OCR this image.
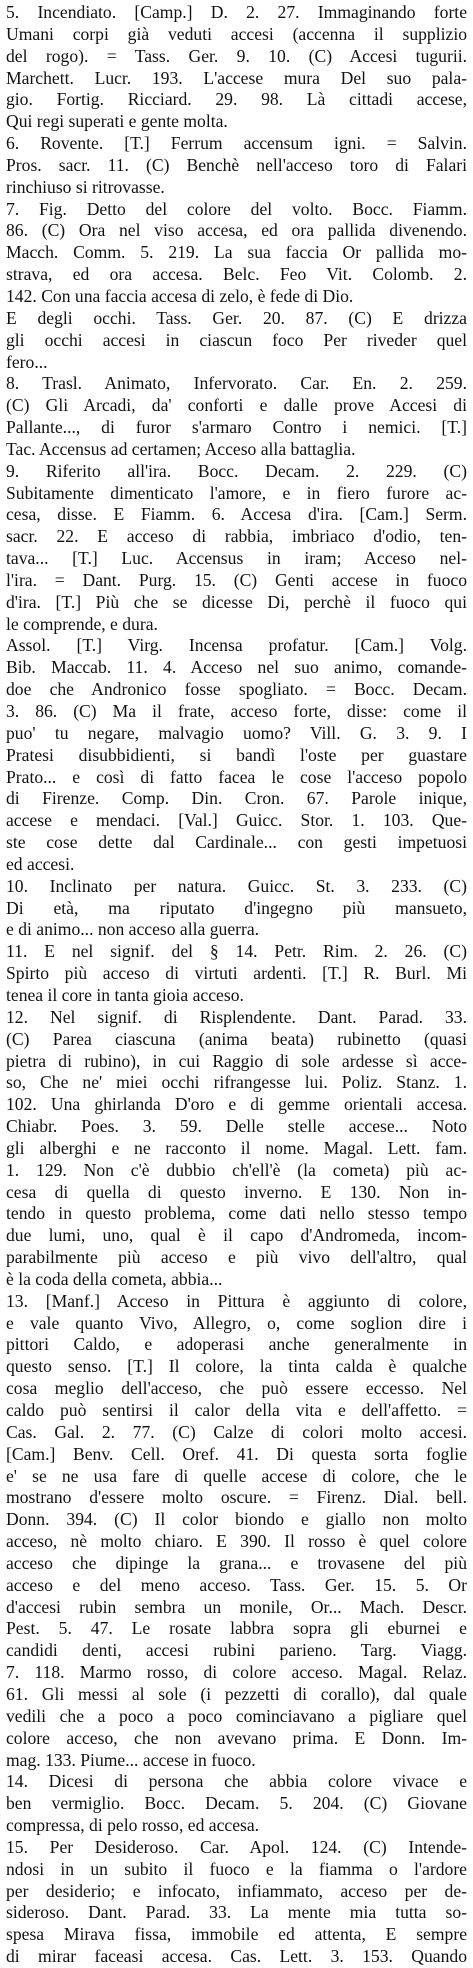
5. Incendiato. [Camp.] D. 2. 27. Immaginando forte
Umani corpi già veduti accesi (accenna il supplizio
del rogo). = Tass. Ger. 9. 10. (C) Accesi tugurii.
Marchett. Lucr. 193. L'accese mura Del suo pala-
gio. Fortig. Ricciard. 29. 98. Là cittadi accese,
Qui regi superati e gente molta.
6. Rovente. [T.] Ferrum accensum igni. = Salvin.
Pros. sacr. 11. (C) Benchè nell'acceso toro di Falari
rinchiuso si ritrovasse.
7. Fig. Detto del colore del volto. Bocc. Fiamm.
86. (C) Ora nel viso accesa, ed ora pallida divenendo.
Macch. Comm. 5. 219. La sua faccia Or pallida mo-
strava, ed ora accesa. Belc. Feo Vit. Colomb. 2.
142. Con una faccia accesa di zelo, è fede di Dio.
E degli occhi. Tass. Ger. 20. 87. (C) E drizza
gli occhi accesi in ciascun foco Per riveder quel
fero...
8. Trasl. Animato, Infervorato. Car. En. 2. 259.
(C) Gli Arcadi, da' conforti e dalle prove Accesi di
Pallante..., di furor s'armaro Contro i nemici. [T.]
Tac. Accensus ad certamen; Acceso alla battaglia.
9. Riferito all'ira. Bocc. Decam. 2. 229. (C)
Subitamente dimenticato l'amore, e in fiero furore ac-
cesa, disse. E Fiamm. 6. Accesa d'ira. [Cam.] Serm.
sacr. 22. E acceso di rabbia, imbriaco d'odio, ten-
tava... [T.] Luc. Accensus in iram; Acceso nel-
l'ira. = Dant. Purg. 15. (C) Genti accese in fuoco
d'ira. [T.] Più che se dicesse Di, perchè il fuoco qui
le comprende, e dura.
Assol. [T.] Virg. Incensa profatur. [Cam.] Volg.
Bib. Maccab. 11. 4. Acceso nel suo animo, comande-
doe che Andronico fosse spogliato. = Bocc. Decam.
3. 86. (C) Ma il frate, acceso forte, disse: come il
puo' tu negare, malvagio uomo? Vill. G. 3. 9. I
Pratesi disubbidienti, si bandì l'oste per guastare
Prato... e così di fatto facea le cose l'acceso popolo
di Firenze. Comp. Din. Cron. 67. Parole inique,
accese e mendaci. [Val.] Guicc. Stor. 1. 103. Que-
ste cose dette dal Cardinale... con gesti impetuosi
ed accesi.
10. Inclinato per natura. Guicc. St. 3. 233. (C)
Di età, ma riputato d'ingegno più mansueto,
e di animo... non acceso alla guerra.
11. E nel signif. del § 14. Petr. Rim. 2. 26. (C)
Spirto più acceso di virtuti ardenti. [T.] R. Burl. Mi
tenea il core in tanta gioia acceso.
12. Nel signif. di Risplendente. Dant. Parad. 33.
(C) Parea ciascuna (anima beata) rubinetto (quasi
pietra di rubino), in cui Raggio di sole ardesse sì acce-
so, Che ne' miei occhi rifrangesse lui. Poliz. Stanz. 1.
102. Una ghirlanda D'oro e di gemme orientali accesa.
Chiabr. Poes. 3. 59. Delle stelle accese... Noto
gli alberghi e ne racconto il nome. Magal. Lett. fam.
1. 129. Non c'è dubbio ch'ell'è (la cometa) più ac-
cesa di quella di questo inverno. E 130. Non in-
tendo in questo problema, come dati nello stesso tempo
due lumi, uno, qual è il capo d'Andromeda, incom-
parabilmente più acceso e più vivo dell'altro, qual
è la coda della cometa, abbia...
13. [Manf.] Acceso in Pittura è aggiunto di colore,
e vale quanto Vivo, Allegro, o, come soglion dire i
pittori Caldo, e adoperasi anche generalmente in
questo senso. [T.] Il colore, la tinta calda è qualche
cosa meglio dell'acceso, che può essere eccesso. Nel
caldo può sentirsi il calor della vita e dell'affetto. =
Cas. Gal. 2. 77. (C) Calze di colori molto accesi.
[Cam.] Benv. Cell. Oref. 41. Di questa sorta foglie
e' se ne usa fare di quelle accese di colore, che le
mostrano d'essere molto oscure. = Firenz. Dial. bell.
Donn. 394. (C) Il color biondo e giallo non molto
acceso, nè molto chiaro. E 390. Il rosso è quel colore
acceso che dipinge la grana... e trovasene del più
acceso e del meno acceso. Tass. Ger. 15. 5. Or
d'accesi rubin sembra un monile, Or... Mach. Descr.
Pest. 5. 47. Le rosate labbra sopra gli eburnei e
candidi denti, accesi rubini parieno. Targ. Viagg.
7. 118. Marmo rosso, di colore acceso. Magal. Relaz.
61. Gli messi al sole (i pezzetti di corallo), dal quale
vedili che a poco a poco cominciavano a pigliare quel
colore acceso, che non avevano prima. E Donn. Im-
mag. 133. Piume... accese in fuoco.
14. Dicesi di persona che abbia colore vivace e
ben vermiglio. Bocc. Decam. 5. 204. (C) Giovane
compressa, di pelo rosso, ed accesa.
15. Per Desideroso. Car. Apol. 124. (C) Intende-
ndosi in un subito il fuoco e la fiamma o l'ardore
per desiderio; e infocato, infiammato, acceso per de-
sideroso. Dant. Parad. 33. La mente mia tutta so-
spesa Mirava fissa, immobile ed attenta, E sempre
di mirar faceasi accesa. Cas. Lett. 3. 153. Quando
